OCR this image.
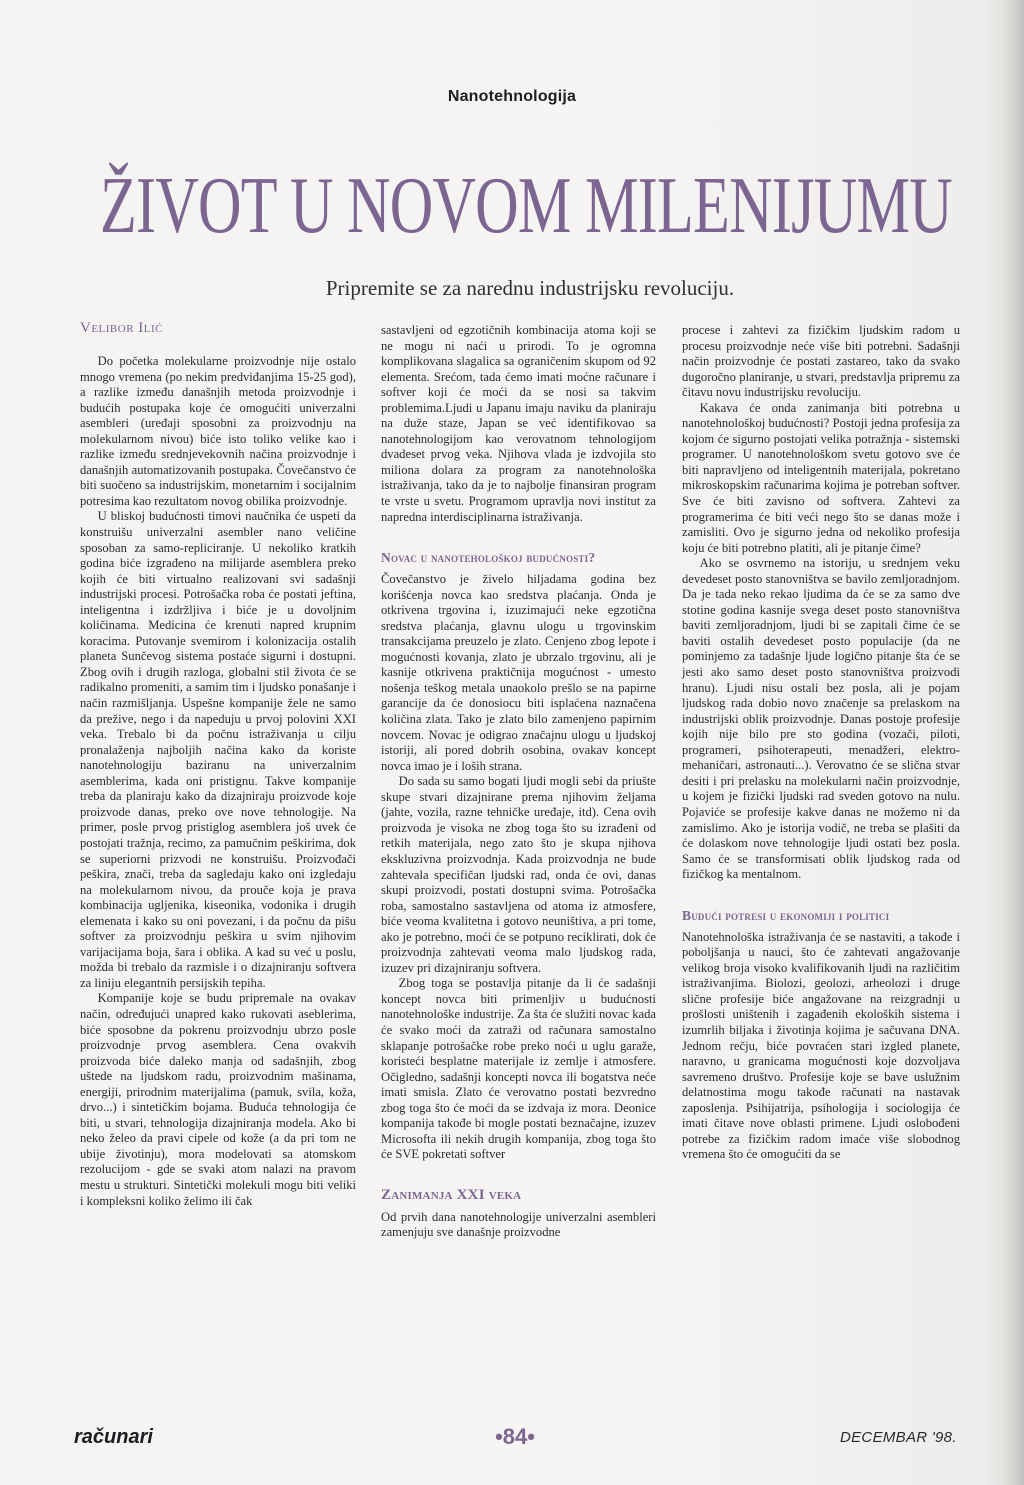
Nanotehnologija
ŽIVOT U NOVOM MILENIJUMU
Pripremite se za narednu industrijsku revoluciju.
Velibor Ilić

Do početka molekularne proizvodnje nije ostalo mnogo vremena (po nekim predviđanjima 15-25 god), a razlike između današnjih metoda proizvodnje i budućih postupaka koje će omogućiti univerzalni asembleri (uređaji sposobni za proizvodnju na molekularnom nivou) biće isto toliko velike kao i razlike između srednjevekovnih načina proizvodnje i današnjih automatizovanih postupaka. Čovečanstvo će biti suočeno sa industrijskim, monetarnim i socijalnim potresima kao rezultatom novog obilika proizvodnje.

U bliskoj budućnosti timovi naučnika će uspeti da konstruišu univerzalni asembler nano veličine sposoban za samo-repliciranje. U nekoliko kratkih godina biće izgrađeno na milijarde asemblera preko kojih će biti virtualno realizovani svi sadašnji industrijski procesi. Potrošačka roba će postati jeftina, inteligentna i izdržljiva i biće je u dovoljnim količinama. Medicina će krenuti napred krupnim koracima. Putovanje svemirom i kolonizacija ostalih planeta Sunčevog sistema postaće sigurni i dostupni. Zbog ovih i drugih razloga, globalni stil života će se radikalno promeniti, a samim tim i ljudsko ponašanje i način razmišljanja. Uspešne kompanije žele ne samo da prežive, nego i da napeduju u prvoj polovini XXI veka. Trebalo bi da počnu istraživanja u cilju pronalaženja najboljih načina kako da koriste nanotehnologiju baziranu na univerzalnim asemblerima, kada oni pristignu. Takve kompanije treba da planiraju kako da dizajniraju proizvode koje proizvode danas, preko ove nove tehnologije. Na primer, posle prvog pristiglog asemblera još uvek će postojati tražnja, recimo, za pamučnim peškirima, dok se superiorni prizvodi ne konstruišu. Proizvođači peškira, znači, treba da sagledaju kako oni izgledaju na molekularnom nivou, da prouče koja je prava kombinacija ugljenika, kiseonika, vodonika i drugih elemenata i kako su oni povezani, i da počnu da pišu softver za proizvodnju peškira u svim njihovim varijacijama boja, šara i oblika. A kad su već u poslu, možda bi trebalo da razmisle i o dizajniranju softvera za liniju elegantnih persijskih tepiha.

Kompanije koje se budu pripremale na ovakav način, određujući unapred kako rukovati aseblerima, biće sposobne da pokrenu proizvodnju ubrzo posle proizvodnje prvog asemblera. Cena ovakvih proizvoda biće daleko manja od sadašnjih, zbog uštede na ljudskom radu, proizvodnim mašinama, energiji, prirodnim materijalima (pamuk, svila, koža, drvo...) i sintetičkim bojama. Buduća tehnologija će biti, u stvari, tehnologija dizajniranja modela. Ako bi neko želeo da pravi cipele od kože (a da pri tom ne ubije životinju), mora modelovati sa atomskom rezolucijom - gde se svaki atom nalazi na pravom mestu u strukturi. Sintetički molekuli mogu biti veliki i kompleksni koliko želimo ili čak

sastavljeni od egzotičnih kombinacija atoma koji se ne mogu ni naći u prirodi. To je ogromna komplikovana slagalica sa ograničenim skupom od 92 elementa. Srećom, tada ćemo imati moćne računare i softver koji će moći da se nosi sa takvim problemima.Ljudi u Japanu imaju naviku da planiraju na duže staze, Japan se već identifikovao sa nanotehnologijom kao verovatnom tehnologijom dvadeset prvog veka. Njihova vlada je izdvojila sto miliona dolara za program za nanotehnološka istraživanja, tako da je to najbolje finansiran program te vrste u svetu. Programom upravlja novi institut za napredna interdisciplinarna istraživanja.

Novac u nanotehološkoj budućnosti?

Čovečanstvo je živelo hiljadama godina bez korišćenja novca kao sredstva plaćanja. Onda je otkrivena trgovina i, izuzimajući neke egzotična sredstva plaćanja, glavnu ulogu u trgovinskim transakcijama preuzelo je zlato. Cenjeno zbog lepote i mogućnosti kovanja, zlato je ubrzalo trgovinu, ali je kasnije otkrivena praktičnija mogućnost - umesto nošenja teškog metala unaokolo prešlo se na papirne garancije da će donosiocu biti isplaćena naznačena količina zlata. Tako je zlato bilo zamenjeno papirnim novcem. Novac je odigrao značajnu ulogu u ljudskoj istoriji, ali pored dobrih osobina, ovakav koncept novca imao je i loših strana.

Do sada su samo bogati ljudi mogli sebi da priušte skupe stvari dizajnirane prema njihovim željama (jahte, vozila, razne tehničke uređaje, itd). Cena ovih proizvoda je visoka ne zbog toga što su izrađeni od retkih materijala, nego zato što je skupa njihova ekskluzivna proizvodnja. Kada proizvodnja ne bude zahtevala specifičan ljudski rad, onda će ovi, danas skupi proizvodi, postati dostupni svima. Potrošačka roba, samostalno sastavljena od atoma iz atmosfere, biće veoma kvalitetna i gotovo neuništiva, a pri tome, ako je potrebno, moći će se potpuno reciklirati, dok će proizvodnja zahtevati veoma malo ljudskog rada, izuzev pri dizajniranju softvera.

Zbog toga se postavlja pitanje da li će sadašnji koncept novca biti primenljiv u budućnosti nanotehnološke industrije. Za šta će služiti novac kada će svako moći da zatraži od računara samostalno sklapanje potrošačke robe preko noći u uglu garaže, koristeći besplatne materijale iz zemlje i atmosfere. Očigledno, sadašnji koncepti novca ili bogatstva neće imati smisla. Zlato će verovatno postati bezvredno zbog toga što će moći da se izdvaja iz mora. Deonice kompanija takođe bi mogle postati beznačajne, izuzev Microsofta ili nekih drugih kompanija, zbog toga što će SVE pokretati softver

Zanimanja XXI veka

Od prvih dana nanotehnologije univerzalni asembleri zamenjuju sve današnje proizvodne

procese i zahtevi za fizičkim ljudskim radom u procesu proizvodnje neće više biti potrebni. Sadašnji način proizvodnje će postati zastareo, tako da svako dugoročno planiranje, u stvari, predstavlja pripremu za čitavu novu industrijsku revoluciju.

Kakava će onda zanimanja biti potrebna u nanotehnološkoj budućnosti? Postoji jedna profesija za kojom će sigurno postojati velika potražnja - sistemski programer. U nanotehnološkom svetu gotovo sve će biti napravljeno od inteligentnih materijala, pokretano mikroskopskim računarima kojima je potreban softver. Sve će biti zavisno od softvera. Zahtevi za programerima će biti veći nego što se danas može i zamisliti. Ovo je sigurno jedna od nekoliko profesija koju će biti potrebno platiti, ali je pitanje čime?

Ako se osvrnemo na istoriju, u srednjem veku devedeset posto stanovništva se bavilo zemljoradnjom. Da je tada neko rekao ljudima da će se za samo dve stotine godina kasnije svega deset posto stanovništva baviti zemljoradnjom, ljudi bi se zapitali čime će se baviti ostalih devedeset posto populacije (da ne pominjemo za tadašnje ljude logično pitanje šta će se jesti ako samo deset posto stanovništva proizvodi hranu). Ljudi nisu ostali bez posla, ali je pojam ljudskog rada dobio novo značenje sa prelaskom na industrijski oblik proizvodnje. Danas postoje profesije kojih nije bilo pre sto godina (vozači, piloti, programeri, psihoterapeuti, menadžeri, elektro-mehaničari, astronauti...). Verovatno će se slična stvar desiti i pri prelasku na molekularni način proizvodnje, u kojem je fizički ljudski rad sveden gotovo na nulu. Pojaviće se profesije kakve danas ne možemo ni da zamislimo. Ako je istorija vodič, ne treba se plašiti da će dolaskom nove tehnologije ljudi ostati bez posla. Samo će se transformisati oblik ljudskog rada od fizičkog ka mentalnom.

Budući potresi u ekonomiji i politici

Nanotehnološka istraživanja će se nastaviti, a takođe i poboljšanja u nauci, što će zahtevati angažovanje velikog broja visoko kvalifikovanih ljudi na različitim istraživanjima. Biolozi, geolozi, arheolozi i druge slične profesije biće angažovane na reizgradnji u prošlosti uništenih i zagađenih ekoloških sistema i izumrlih biljaka i životinja kojima je sačuvana DNA. Jednom rečju, biće povraćen stari izgled planete, naravno, u granicama mogućnosti koje dozvoljava savremeno društvo. Profesije koje se bave uslužnim delatnostima mogu takođe računati na nastavak zaposlenja. Psihijatrija, psihologija i sociologija će imati čitave nove oblasti primene. Ljudi oslobođeni potrebe za fizičkim radom imaće više slobodnog vremena što će omogućiti da se

računari	•84•	DECEMBAR '98.
